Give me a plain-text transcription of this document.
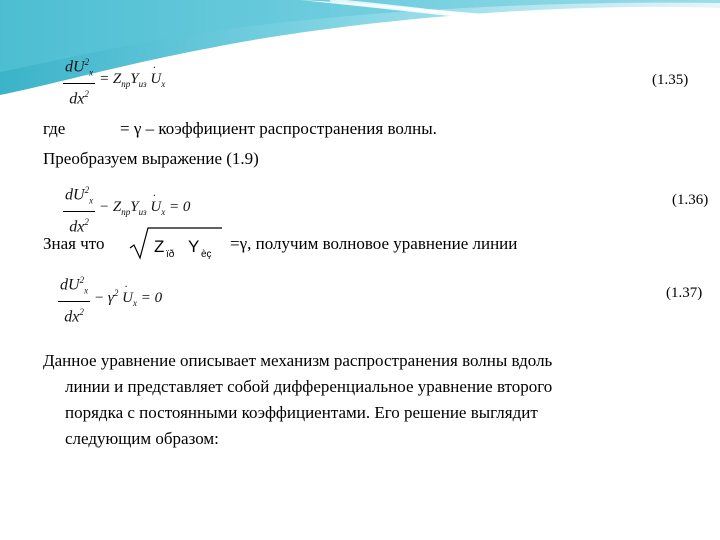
$\frac{dU^2_x}{dx^2} = Z_{пр}Y_{из} \cdot U_x$	(1.35)
где	= γ – коэффициент распространения волны.
Преобразуем выражение (1.9)
$\frac{dU^2_x}{dx^2} - Z_{пр}Y_{из} \cdot U_x = 0$	(1.36)
Зная что	Z ïð Y èç
=γ, получим волновое уравнение линии
$\frac{dU^2_x}{dx^2} - \gamma^2 \cdot U_x = 0$	(1.37)
Данное уравнение описывает механизм распространения волны вдоль
линии и представляет собой дифференциальное уравнение второго
порядка с постоянными коэффициентами. Его решение выглядит
следующим образом:
